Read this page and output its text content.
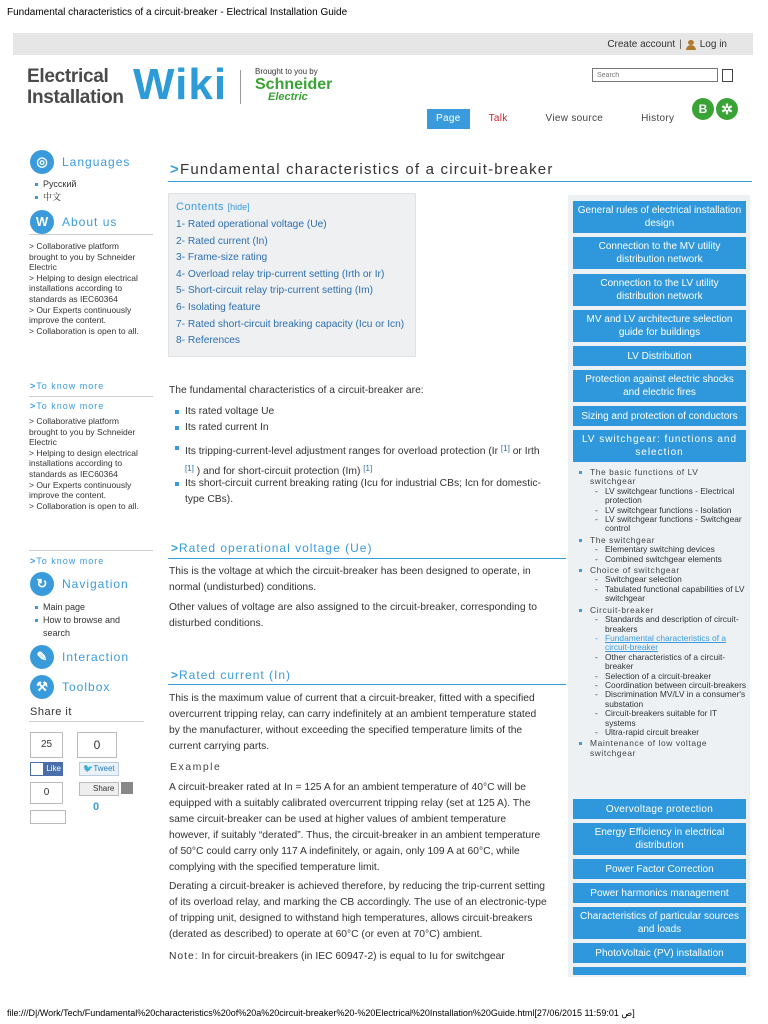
Fundamental characteristics of a circuit-breaker - Electrical Installation Guide
Create account | Log in
Electrical
Installation Wiki	Brought to you by
Schneider
Electric
Search
Page	Talk	View source	History
B ✲
◎	Languages
Русский
中文
W	About us
> Collaborative platform brought to you by Schneider Electric
> Helping to design electrical installations according to standards as IEC60364
> Our Experts continuously improve the content.
> Collaboration is open to all.
>To know more
>To know more
> Collaborative platform brought to you by Schneider Electric
> Helping to design electrical installations according to standards as IEC60364
> Our Experts continuously improve the content.
> Collaboration is open to all.
>To know more
↻	Navigation
Main page
How to browse and search
✎	Interaction
⚒	Toolbox
Share it
25	0
Like	🐦Tweet
0	Share
0
>Fundamental characteristics of a circuit-breaker
Contents [hide]
1- Rated operational voltage (Ue)
2- Rated current (In)
3- Frame-size rating
4- Overload relay trip-current setting (Irth or Ir)
5- Short-circuit relay trip-current setting (Im)
6- Isolating feature
7- Rated short-circuit breaking capacity (Icu or Icn)
8- References
The fundamental characteristics of a circuit-breaker are:
Its rated voltage Ue
Its rated current In
Its tripping-current-level adjustment ranges for overload protection (Ir [1] or Irth
[1] ) and for short-circuit protection (Im) [1]
Its short-circuit current breaking rating (Icu for industrial CBs; Icn for domestic-type CBs).
>Rated operational voltage (Ue)
This is the voltage at which the circuit-breaker has been designed to operate, in normal (undisturbed) conditions.
Other values of voltage are also assigned to the circuit-breaker, corresponding to disturbed conditions.
>Rated current (In)
This is the maximum value of current that a circuit-breaker, fitted with a specified overcurrent tripping relay, can carry indefinitely at an ambient temperature stated by the manufacturer, without exceeding the specified temperature limits of the current carrying parts.
Example
A circuit-breaker rated at In = 125 A for an ambient temperature of 40°C will be equipped with a suitably calibrated overcurrent tripping relay (set at 125 A). The same circuit-breaker can be used at higher values of ambient temperature however, if suitably “derated”. Thus, the circuit-breaker in an ambient temperature of 50°C could carry only 117 A indefinitely, or again, only 109 A at 60°C, while complying with the specified temperature limit.
Derating a circuit-breaker is achieved therefore, by reducing the trip-current setting of its overload relay, and marking the CB accordingly. The use of an electronic-type of tripping unit, designed to withstand high temperatures, allows circuit-breakers (derated as described) to operate at 60°C (or even at 70°C) ambient.
Note: In for circuit-breakers (in IEC 60947-2) is equal to Iu for switchgear
General rules of electrical installation design
Connection to the MV utility distribution network
Connection to the LV utility distribution network
MV and LV architecture selection guide for buildings
LV Distribution
Protection against electric shocks and electric fires
Sizing and protection of conductors
LV switchgear: functions and selection
The basic functions of LV switchgear
- LV switchgear functions - Electrical protection
- LV switchgear functions - Isolation
- LV switchgear functions - Switchgear control
The switchgear
- Elementary switching devices
- Combined switchgear elements
Choice of switchgear
- Switchgear selection
- Tabulated functional capabilities of LV switchgear
Circuit-breaker
- Standards and description of circuit-breakers
- Fundamental characteristics of a circuit-breaker
- Other characteristics of a circuit-breaker
- Selection of a circuit-breaker
- Coordination between circuit-breakers
- Discrimination MV/LV in a consumer's substation
- Circuit-breakers suitable for IT systems
- Ultra-rapid circuit breaker
Maintenance of low voltage switchgear
Overvoltage protection
Energy Efficiency in electrical distribution
Power Factor Correction
Power harmonics management
Characteristics of particular sources and loads
PhotoVoltaic (PV) installation
file:///D|/Work/Tech/Fundamental%20characteristics%20of%20a%20circuit-breaker%20-%20Electrical%20Installation%20Guide.html[27/06/2015 11:59:01 ص]
